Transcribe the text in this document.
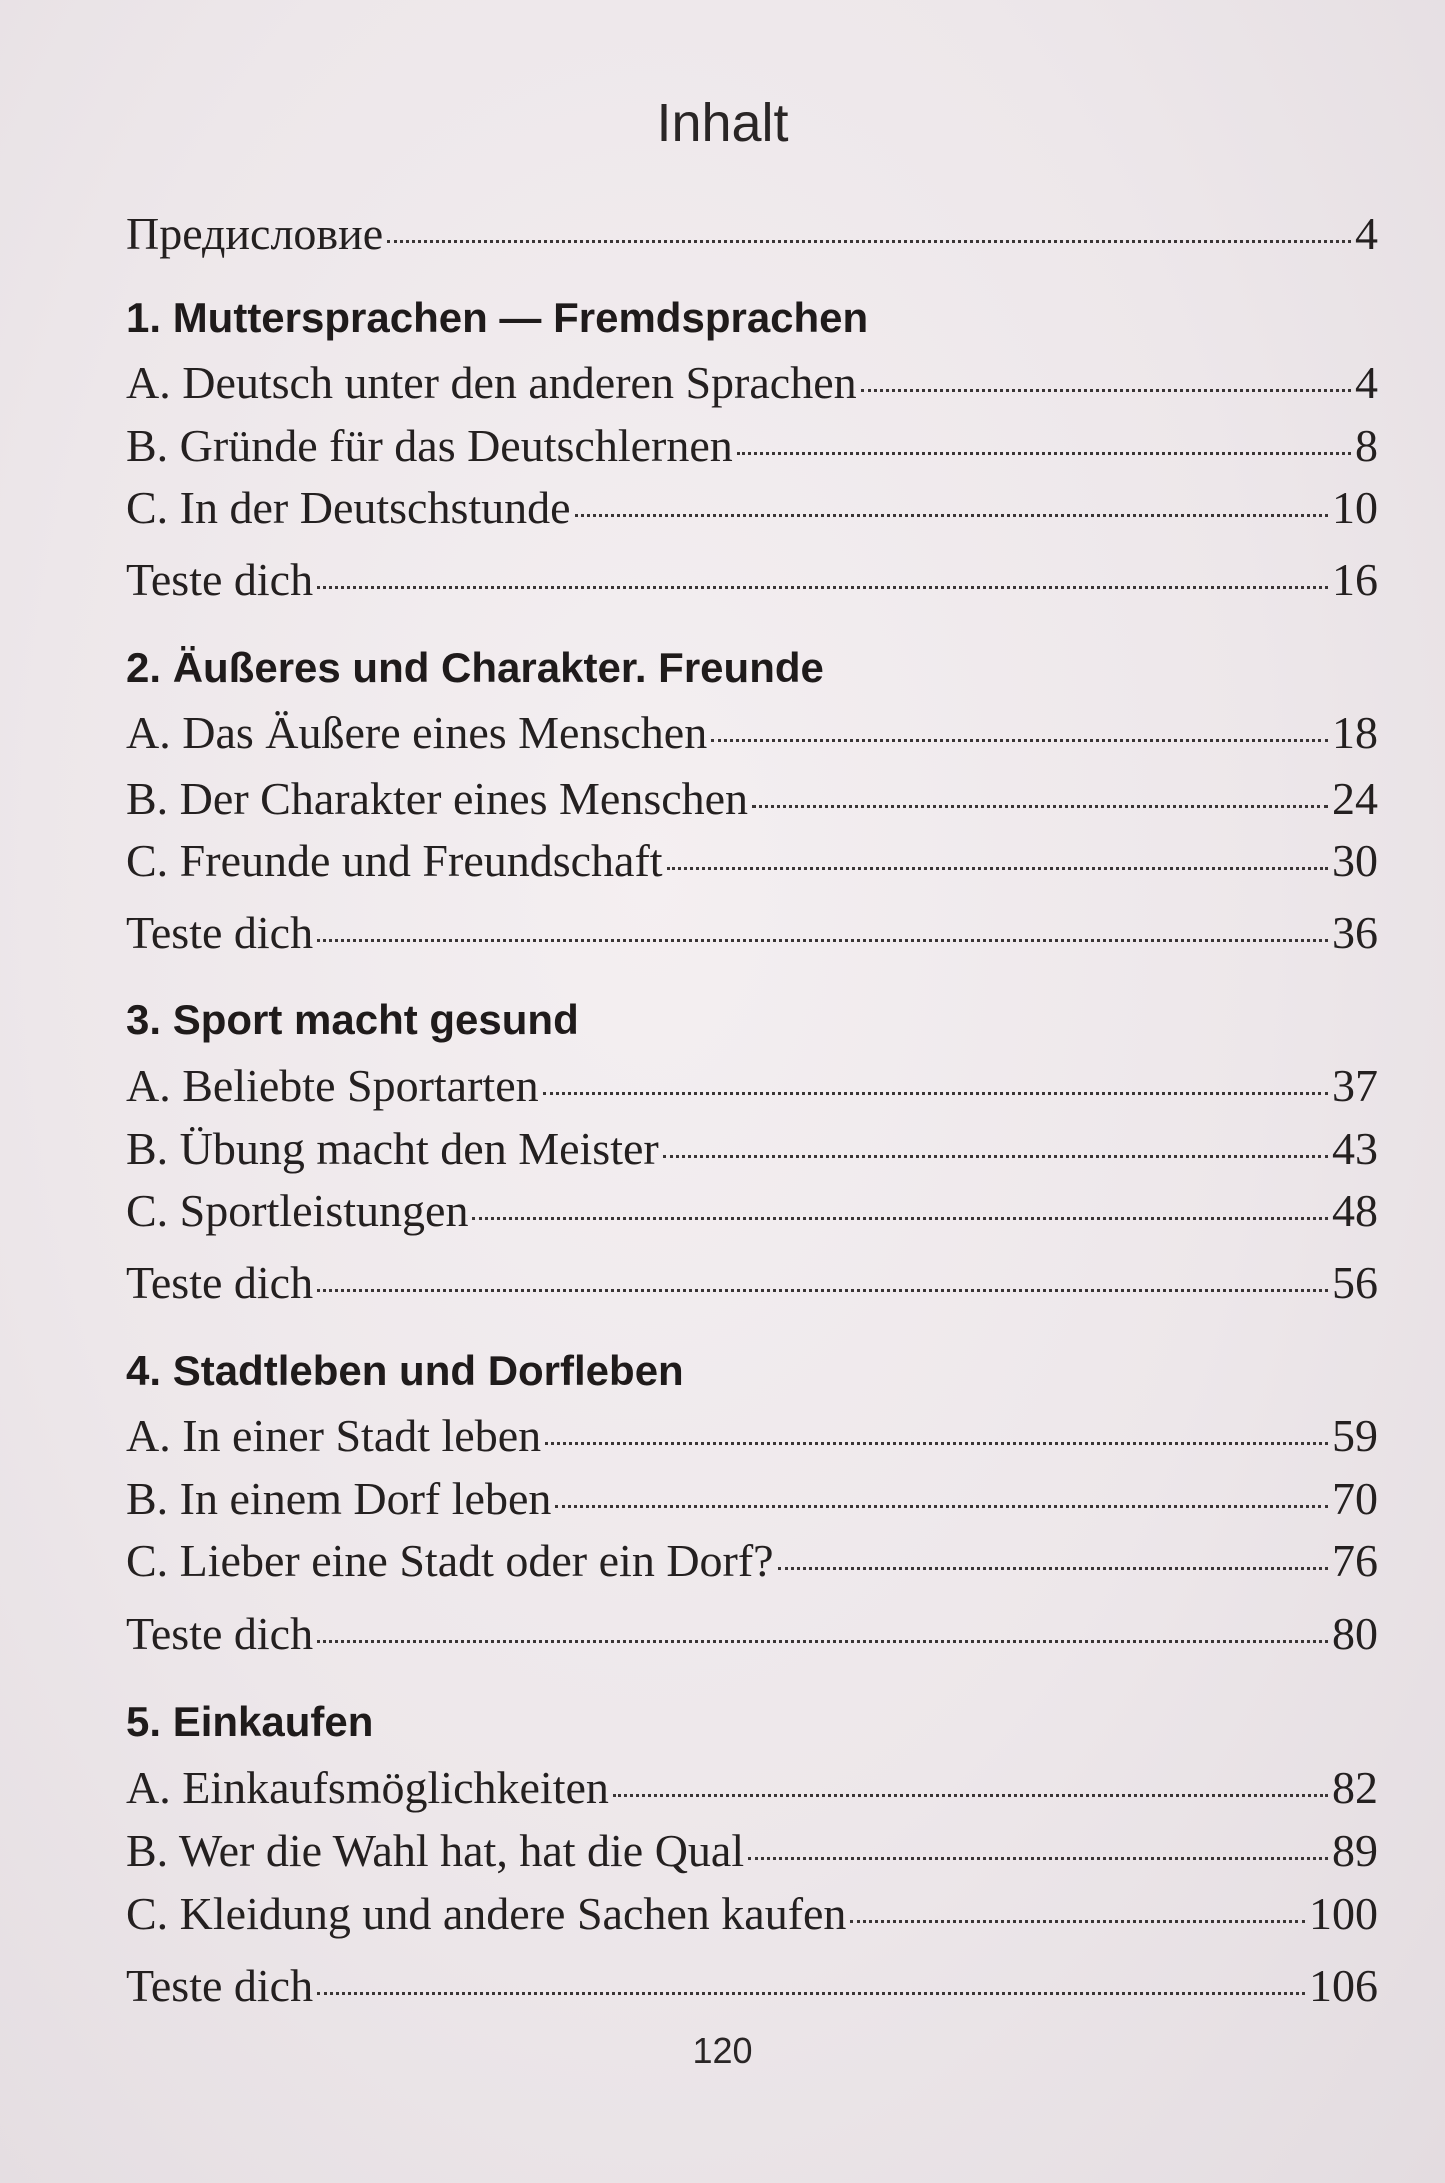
Inhalt
Предисловие	4
1. Muttersprachen — Fremdsprachen
A. Deutsch unter den anderen Sprachen	4
B. Gründe für das Deutschlernen	8
C. In der Deutschstunde	10
Teste dich	16
2. Äußeres und Charakter. Freunde
A. Das Äußere eines Menschen	18
B. Der Charakter eines Menschen	24
C. Freunde und Freundschaft	30
Teste dich	36
3. Sport macht gesund
A. Beliebte Sportarten	37
B. Übung macht den Meister	43
C. Sportleistungen	48
Teste dich	56
4. Stadtleben und Dorfleben
A. In einer Stadt leben	59
B. In einem Dorf leben	70
C. Lieber eine Stadt oder ein Dorf?	76
Teste dich	80
5. Einkaufen
A. Einkaufsmöglichkeiten	82
B. Wer die Wahl hat, hat die Qual	89
C. Kleidung und andere Sachen kaufen	100
Teste dich	106
120
